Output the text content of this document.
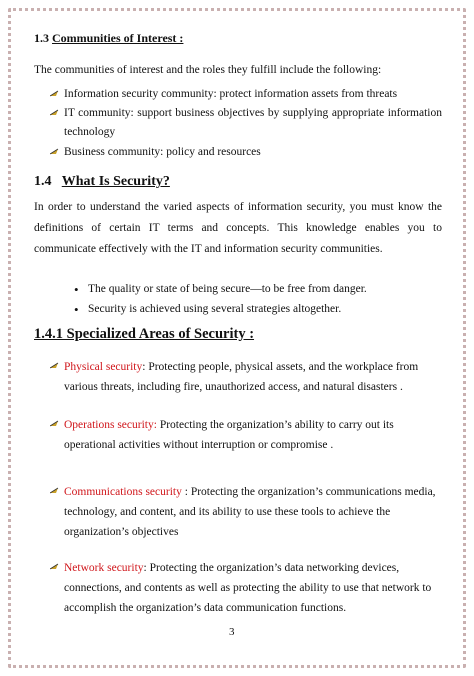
1.3 Communities of Interest :
The communities of interest and the roles they fulfill include the following:
Information security community: protect information assets from threats
IT community: support business objectives by supplying appropriate information technology
Business community: policy and resources
1.4 What Is Security?
In order to understand the varied aspects of information security, you must know the definitions of certain IT terms and concepts. This knowledge enables you to communicate effectively with the IT and information security communities.
• The quality or state of being secure—to be free from danger.
• Security is achieved using several strategies altogether.
1.4.1 Specialized Areas of Security :
Physical security: Protecting people, physical assets, and the workplace from various threats, including fire, unauthorized access, and natural disasters .
Operations security: Protecting the organization’s ability to carry out its operational activities without interruption or compromise .
Communications security : Protecting the organization’s communications media, technology, and content, and its ability to use these tools to achieve the organization’s objectives
Network security: Protecting the organization’s data networking devices, connections, and contents as well as protecting the ability to use that network to accomplish the organization’s data communication functions.
3
